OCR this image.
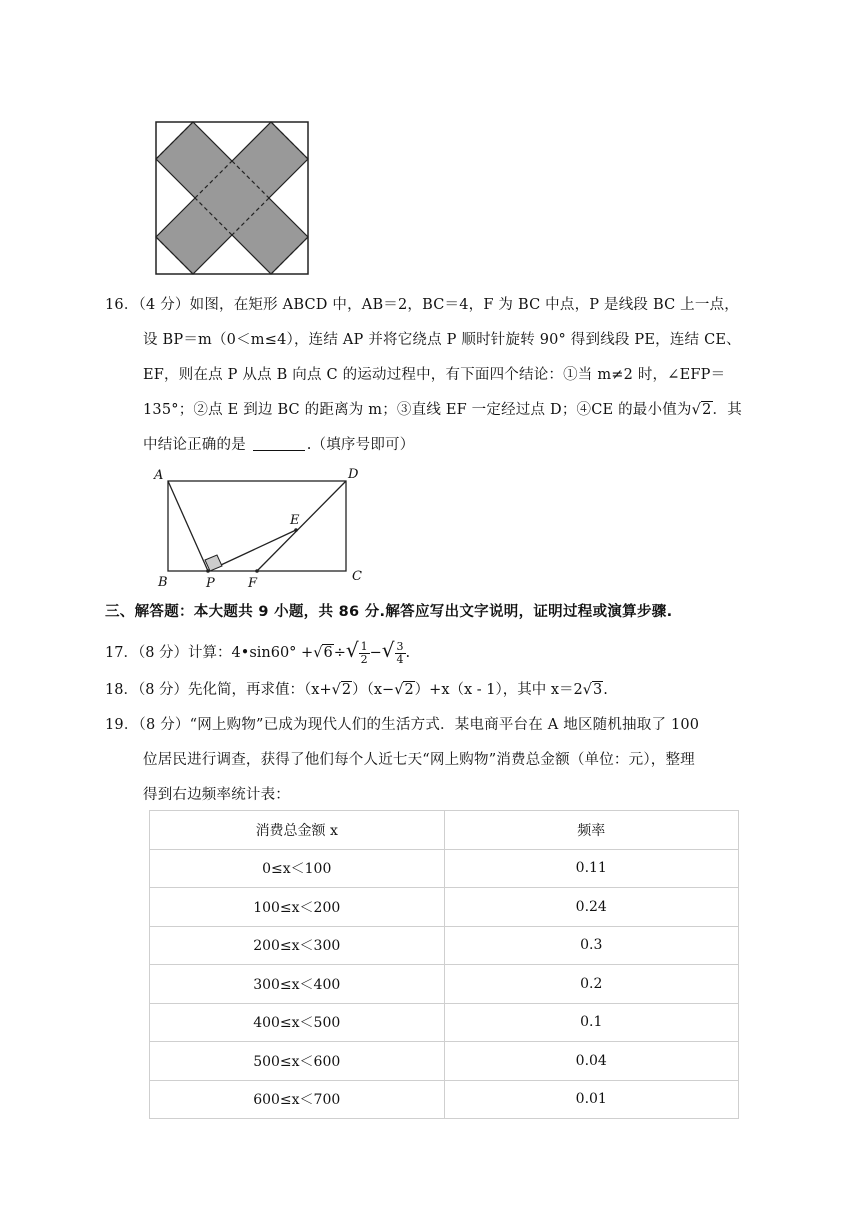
16．（4 分）如图，在矩形 ABCD 中，AB＝2，BC＝4，F 为 BC 中点，P 是线段 BC 上一点，

设 BP＝m（0＜m≤4），连结 AP 并将它绕点 P 顺时针旋转 90° 得到线段 PE，连结 CE、

EF，则在点 P 从点 B 向点 C 的运动过程中，有下面四个结论：①当 m≠2 时，∠EFP＝

135°；②点 E 到边 BC 的距离为 m；③直线 EF 一定经过点 D；④CE 的最小值为√2．其

中结论正确的是	.（填序号即可）

A	D
B	C
E
F
P
三、解答题：本大题共 9 小题，共 86 分.解答应写出文字说明，证明过程或演算步骤.
17．（8 分）计算：4•sin60° + √6 ÷ √ $\frac{1}{2}$ − √ $\frac{3}{4}$ .
18．（8 分）先化简，再求值：（x+ √2 ）（x− √2 ）+x（x - 1），其中 x＝2 √3 .

19．（8 分）“网上购物”已成为现代人们的生活方式．某电商平台在 A 地区随机抽取了 100

位居民进行调查，获得了他们每个人近七天“网上购物”消费总金额（单位：元），整理

得到右边频率统计表：

消费总金额 x	频率
0≤x＜100	0.11
100≤x＜200	0.24
200≤x＜300	0.3
300≤x＜400	0.2
400≤x＜500	0.1
500≤x＜600	0.04
600≤x＜700	0.01
